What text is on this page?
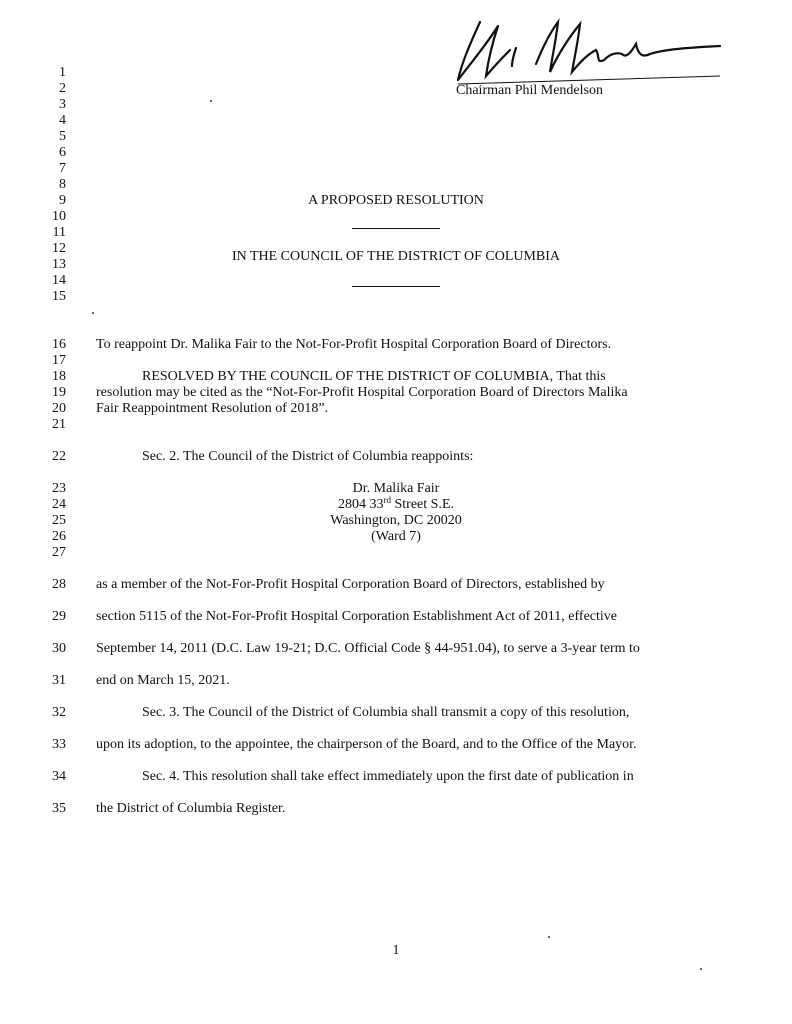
Chairman Phil Mendelson
1
2
3
4
5
6
7
8
9
10
11
12
13
14
15
16
17
18
19
20
21
22
23
24
25
26
27
28
29
30
31
32
33
34
35
A PROPOSED RESOLUTION
IN THE COUNCIL OF THE DISTRICT OF COLUMBIA
To reappoint Dr. Malika Fair to the Not-For-Profit Hospital Corporation Board of Directors.
RESOLVED BY THE COUNCIL OF THE DISTRICT OF COLUMBIA, That this
resolution may be cited as the “Not-For-Profit Hospital Corporation Board of Directors Malika
Fair Reappointment Resolution of 2018”.
Sec. 2. The Council of the District of Columbia reappoints:
Dr. Malika Fair
2804 33rd Street S.E.
Washington, DC 20020
(Ward 7)
as a member of the Not-For-Profit Hospital Corporation Board of Directors, established by
section 5115 of the Not-For-Profit Hospital Corporation Establishment Act of 2011, effective
September 14, 2011 (D.C. Law 19-21; D.C. Official Code § 44-951.04), to serve a 3-year term to
end on March 15, 2021.
Sec. 3. The Council of the District of Columbia shall transmit a copy of this resolution,
upon its adoption, to the appointee, the chairperson of the Board, and to the Office of the Mayor.
Sec. 4. This resolution shall take effect immediately upon the first date of publication in
the District of Columbia Register.
1
